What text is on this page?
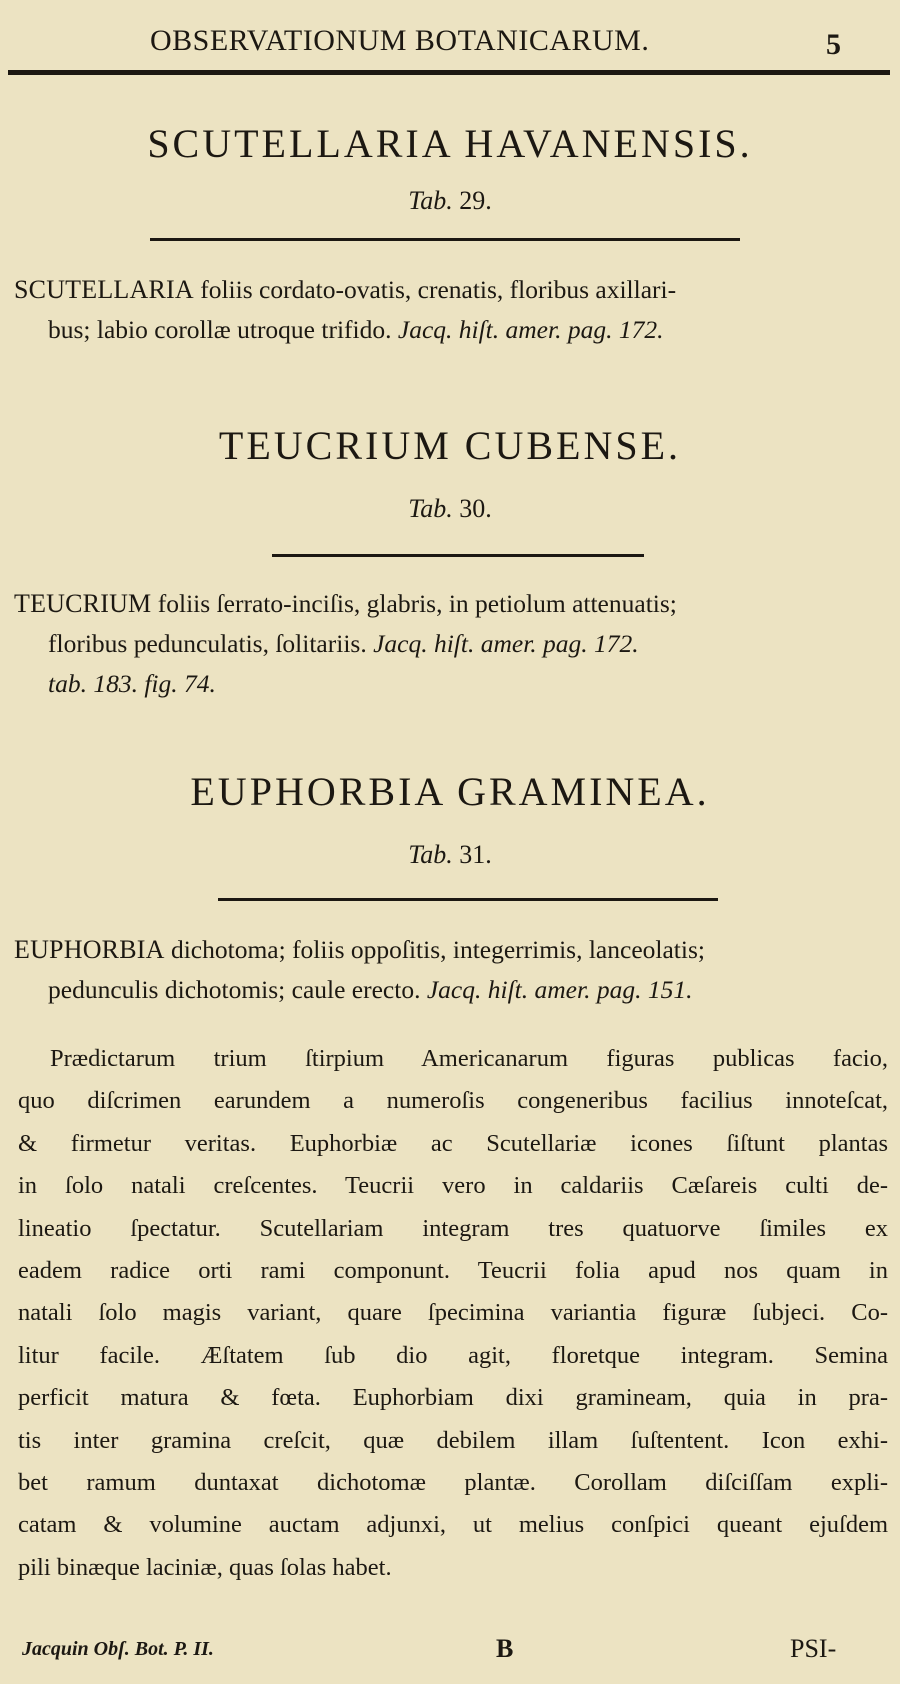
OBSERVATIONUM BOTANICARUM.	5
SCUTELLARIA HAVANENSIS.
Tab. 29.
SCUTELLARIA foliis cordato-ovatis, crenatis, floribus axillari-
bus; labio corollæ utroque trifido. Jacq. hiſt. amer. pag. 172.
TEUCRIUM CUBENSE.
Tab. 30.
TEUCRIUM foliis ſerrato-inciſis, glabris, in petiolum attenuatis;
floribus pedunculatis, ſolitariis. Jacq. hiſt. amer. pag. 172.
tab. 183. fig. 74.
EUPHORBIA GRAMINEA.
Tab. 31.
EUPHORBIA dichotoma; foliis oppoſitis, integerrimis, lanceolatis;
pedunculis dichotomis; caule erecto. Jacq. hiſt. amer. pag. 151.
Prædictarum trium ſtirpium Americanarum figuras publicas facio,
quo diſcrimen earundem a numeroſis congeneribus facilius innoteſcat,
& firmetur veritas. Euphorbiæ ac Scutellariæ icones ſiſtunt plantas
in ſolo natali creſcentes. Teucrii vero in caldariis Cæſareis culti de-
lineatio ſpectatur. Scutellariam integram tres quatuorve ſimiles ex
eadem radice orti rami componunt. Teucrii folia apud nos quam in
natali ſolo magis variant, quare ſpecimina variantia figuræ ſubjeci. Co-
litur facile. Æſtatem ſub dio agit, floretque integram. Semina
perficit matura & fœta. Euphorbiam dixi gramineam, quia in pra-
tis inter gramina creſcit, quæ debilem illam ſuſtentent. Icon exhi-
bet ramum duntaxat dichotomæ plantæ. Corollam diſciſſam expli-
catam & volumine auctam adjunxi, ut melius conſpici queant ejuſdem
pili binæque laciniæ, quas ſolas habet.
Jacquin Obſ. Bot. P. II.	B	PSI-
